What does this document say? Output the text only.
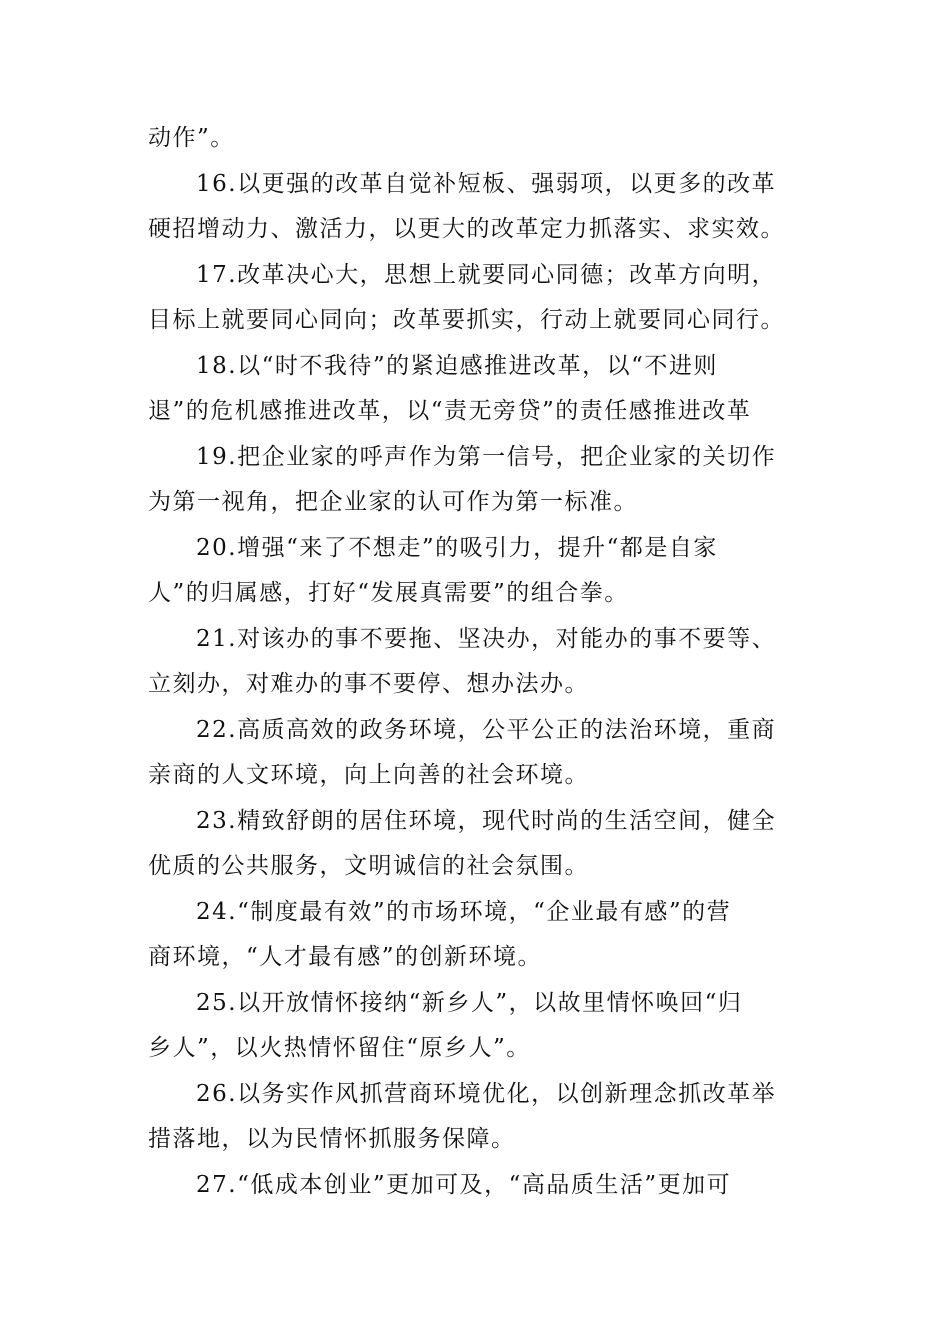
动作”。
16.以更强的改革自觉补短板、强弱项，以更多的改革
硬招增动力、激活力，以更大的改革定力抓落实、求实效。
17.改革决心大，思想上就要同心同德；改革方向明，
目标上就要同心同向；改革要抓实，行动上就要同心同行。
18.以“时不我待”的紧迫感推进改革，以“不进则
退”的危机感推进改革，以“责无旁贷”的责任感推进改革
19.把企业家的呼声作为第一信号，把企业家的关切作
为第一视角，把企业家的认可作为第一标准。
20.增强“来了不想走”的吸引力，提升“都是自家
人”的归属感，打好“发展真需要”的组合拳。
21.对该办的事不要拖、坚决办，对能办的事不要等、
立刻办，对难办的事不要停、想办法办。
22.高质高效的政务环境，公平公正的法治环境，重商
亲商的人文环境，向上向善的社会环境。
23.精致舒朗的居住环境，现代时尚的生活空间，健全
优质的公共服务，文明诚信的社会氛围。
24.“制度最有效”的市场环境，“企业最有感”的营
商环境，“人才最有感”的创新环境。
25.以开放情怀接纳“新乡人”，以故里情怀唤回“归
乡人”，以火热情怀留住“原乡人”。
26.以务实作风抓营商环境优化，以创新理念抓改革举
措落地，以为民情怀抓服务保障。
27.“低成本创业”更加可及，“高品质生活”更加可
